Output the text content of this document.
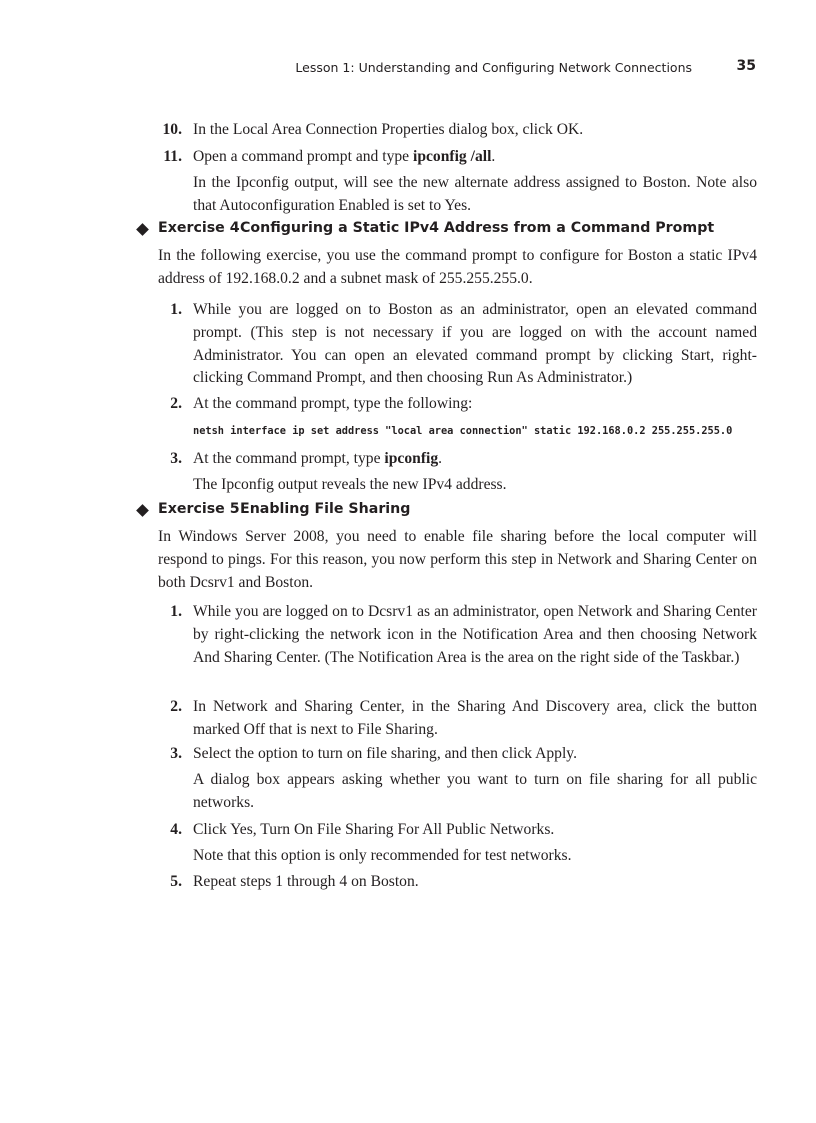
Lesson 1: Understanding and Configuring Network Connections	35
10. In the Local Area Connection Properties dialog box, click OK.
11. Open a command prompt and type ipconfig /all.
In the Ipconfig output, will see the new alternate address assigned to Boston. Note also that Autoconfiguration Enabled is set to Yes.
Exercise 4 Configuring a Static IPv4 Address from a Command Prompt
In the following exercise, you use the command prompt to configure for Boston a static IPv4 address of 192.168.0.2 and a subnet mask of 255.255.255.0.
1. While you are logged on to Boston as an administrator, open an elevated command prompt. (This step is not necessary if you are logged on with the account named Administrator. You can open an elevated command prompt by clicking Start, right-clicking Command Prompt, and then choosing Run As Administrator.)
2. At the command prompt, type the following:
netsh interface ip set address "local area connection" static 192.168.0.2 255.255.255.0
3. At the command prompt, type ipconfig.
The Ipconfig output reveals the new IPv4 address.
Exercise 5 Enabling File Sharing
In Windows Server 2008, you need to enable file sharing before the local computer will respond to pings. For this reason, you now perform this step in Network and Sharing Center on both Dcsrv1 and Boston.
1. While you are logged on to Dcsrv1 as an administrator, open Network and Sharing Center by right-clicking the network icon in the Notification Area and then choosing Network And Sharing Center. (The Notification Area is the area on the right side of the Taskbar.)
2. In Network and Sharing Center, in the Sharing And Discovery area, click the button marked Off that is next to File Sharing.
3. Select the option to turn on file sharing, and then click Apply.
A dialog box appears asking whether you want to turn on file sharing for all public networks.
4. Click Yes, Turn On File Sharing For All Public Networks.
Note that this option is only recommended for test networks.
5. Repeat steps 1 through 4 on Boston.
